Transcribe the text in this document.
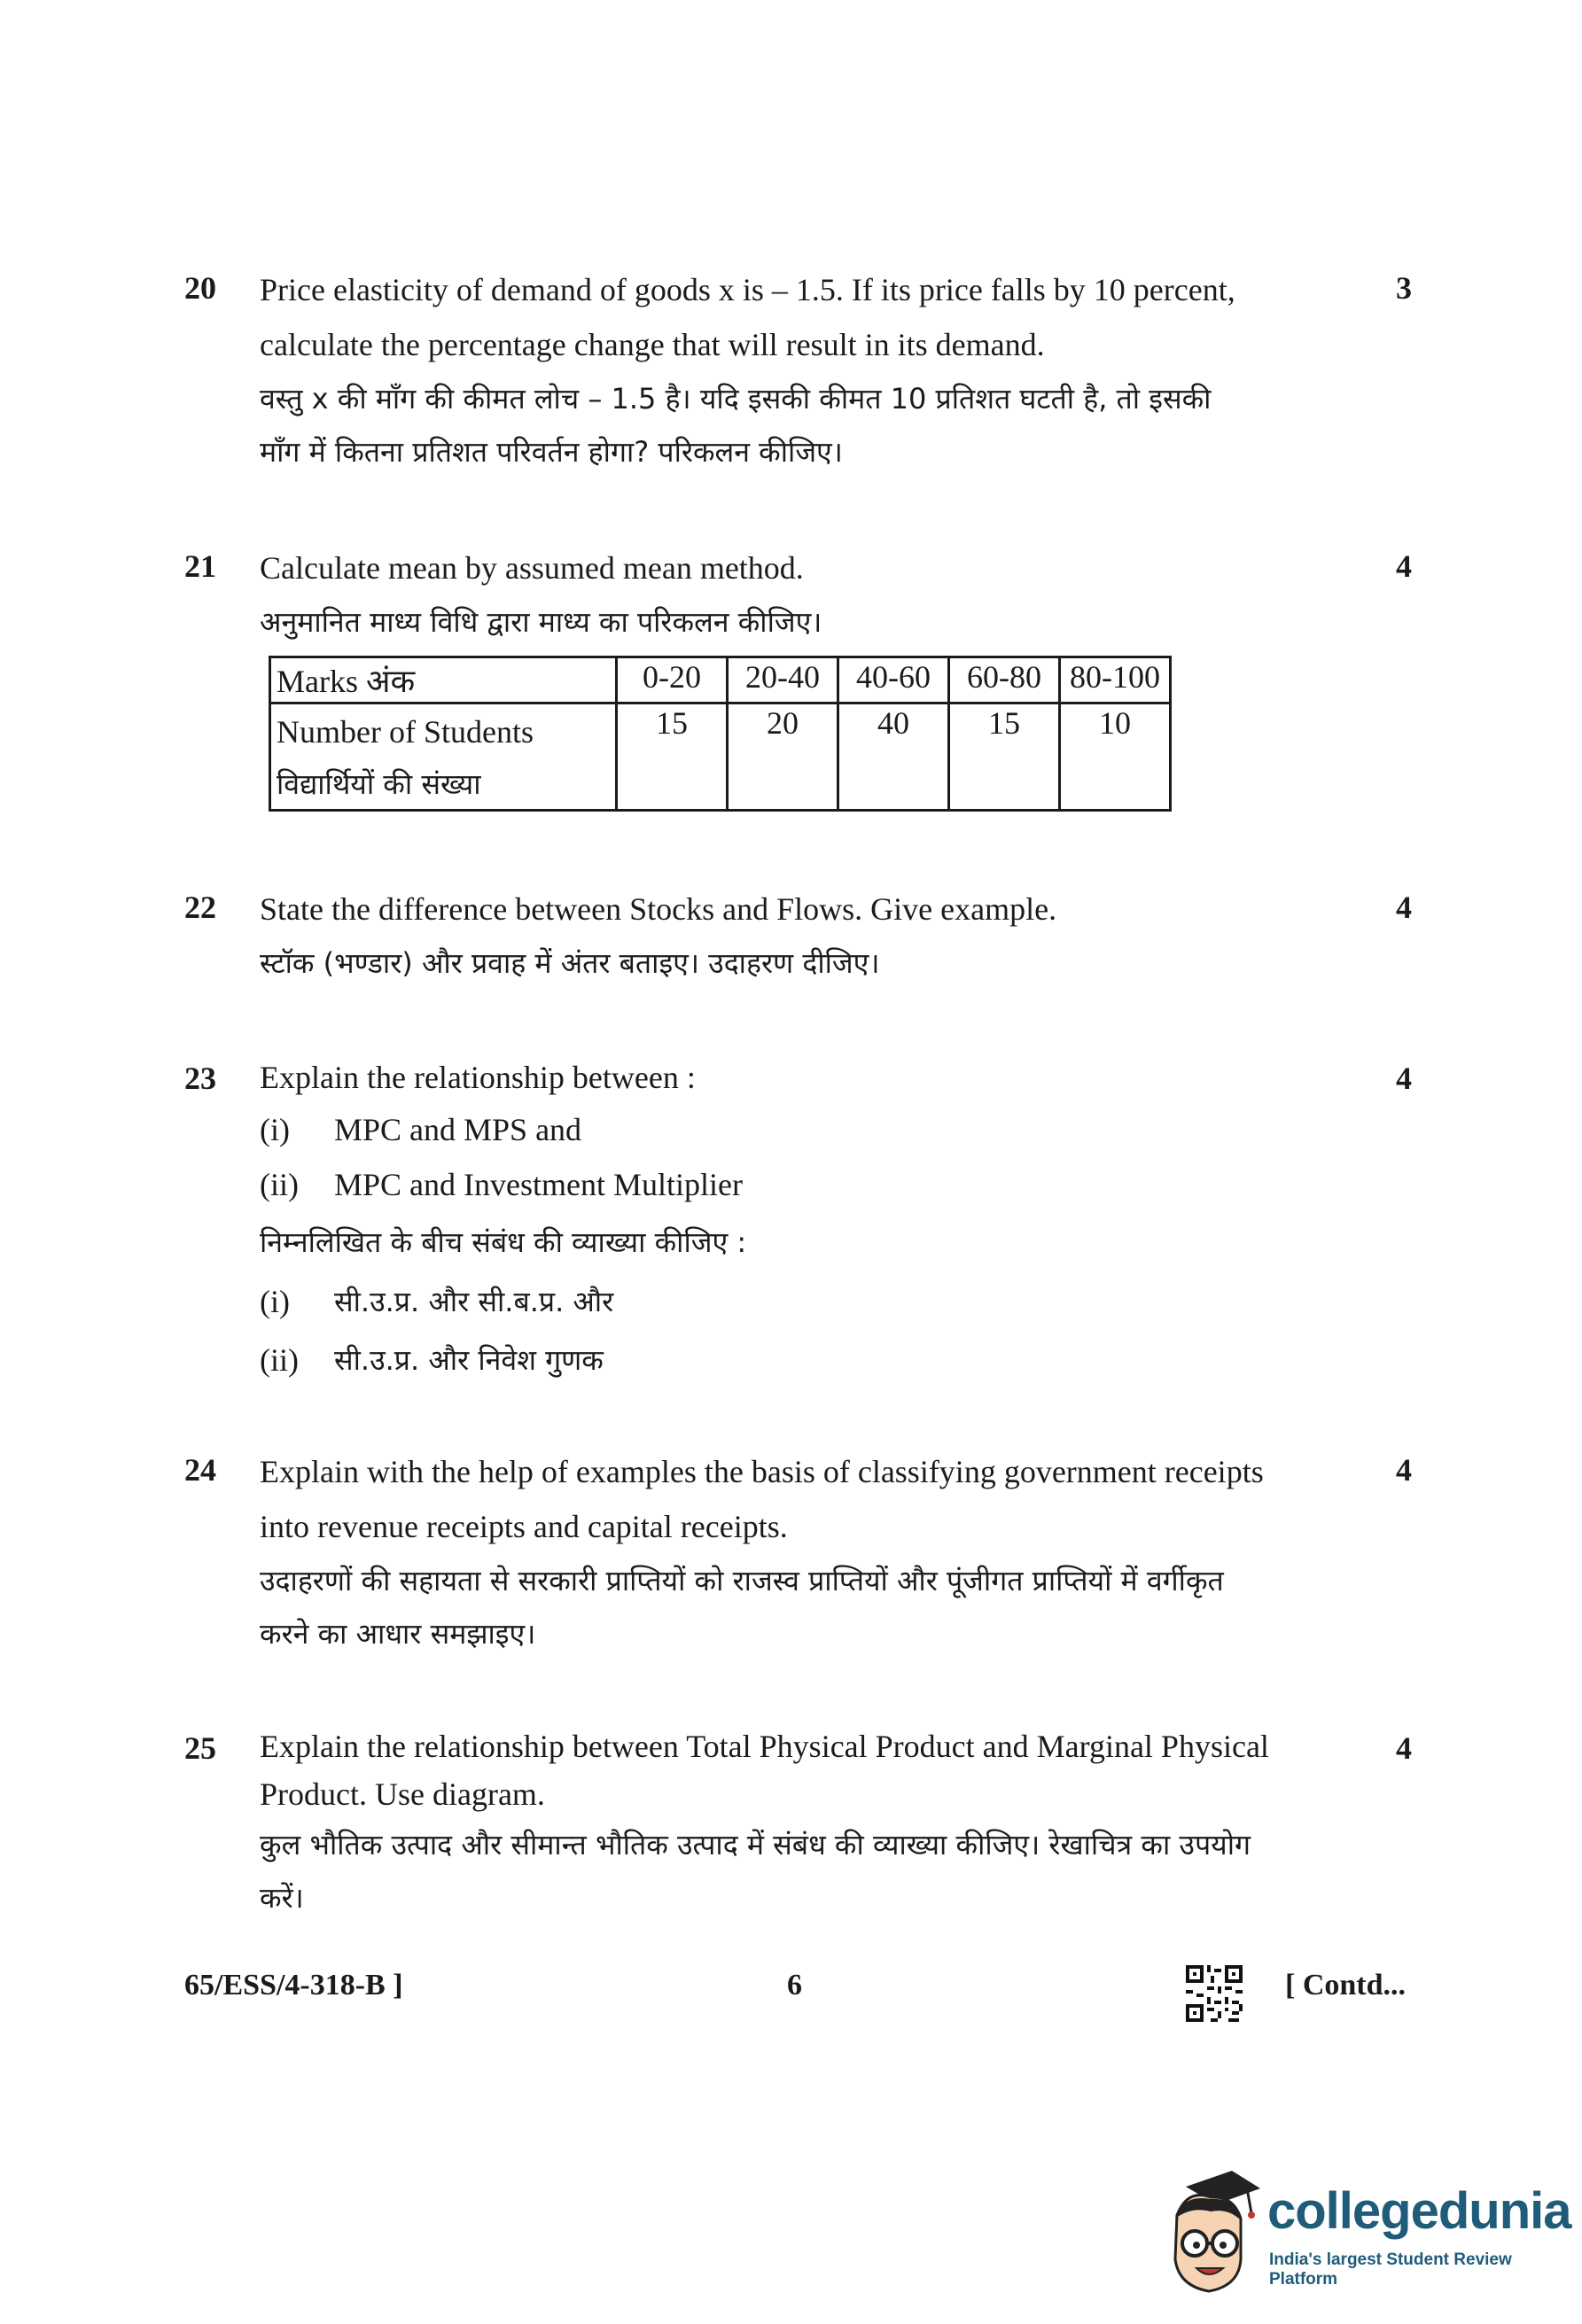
20	3
Price elasticity of demand of goods x is – 1.5. If its price falls by 10 percent,
calculate the percentage change that will result in its demand.
वस्तु x की माँग की कीमत लोच – 1.5 है। यदि इसकी कीमत 10 प्रतिशत घटती है, तो इसकी
माँग में कितना प्रतिशत परिवर्तन होगा? परिकलन कीजिए।
21	4
Calculate mean by assumed mean method.
अनुमानित माध्य विधि द्वारा माध्य का परिकलन कीजिए।
Marks अंक	0-20	20-40	40-60	60-80	80-100

Number of Students
विद्यार्थियों की संख्या	15	20	40	15	10
22	4
State the difference between Stocks and Flows. Give example.
स्टॉक (भण्डार) और प्रवाह में अंतर बताइए। उदाहरण दीजिए।
23	4
Explain the relationship between :
(i)	MPC and MPS and
(ii)	MPC and Investment Multiplier
निम्नलिखित के बीच संबंध की व्याख्या कीजिए :
(i)	सी.उ.प्र. और सी.ब.प्र. और
(ii)	सी.उ.प्र. और निवेश गुणक
24	4
Explain with the help of examples the basis of classifying government receipts
into revenue receipts and capital receipts.
उदाहरणों की सहायता से सरकारी प्राप्तियों को राजस्व प्राप्तियों और पूंजीगत प्राप्तियों में वर्गीकृत
करने का आधार समझाइए।
25	4
Explain the relationship between Total Physical Product and Marginal Physical
Product. Use diagram.
कुल भौतिक उत्पाद और सीमान्त भौतिक उत्पाद में संबंध की व्याख्या कीजिए। रेखाचित्र का उपयोग
करें।
65/ESS/4-318-B ]	6	[ Contd...
collegedunia
India's largest Student Review Platform
